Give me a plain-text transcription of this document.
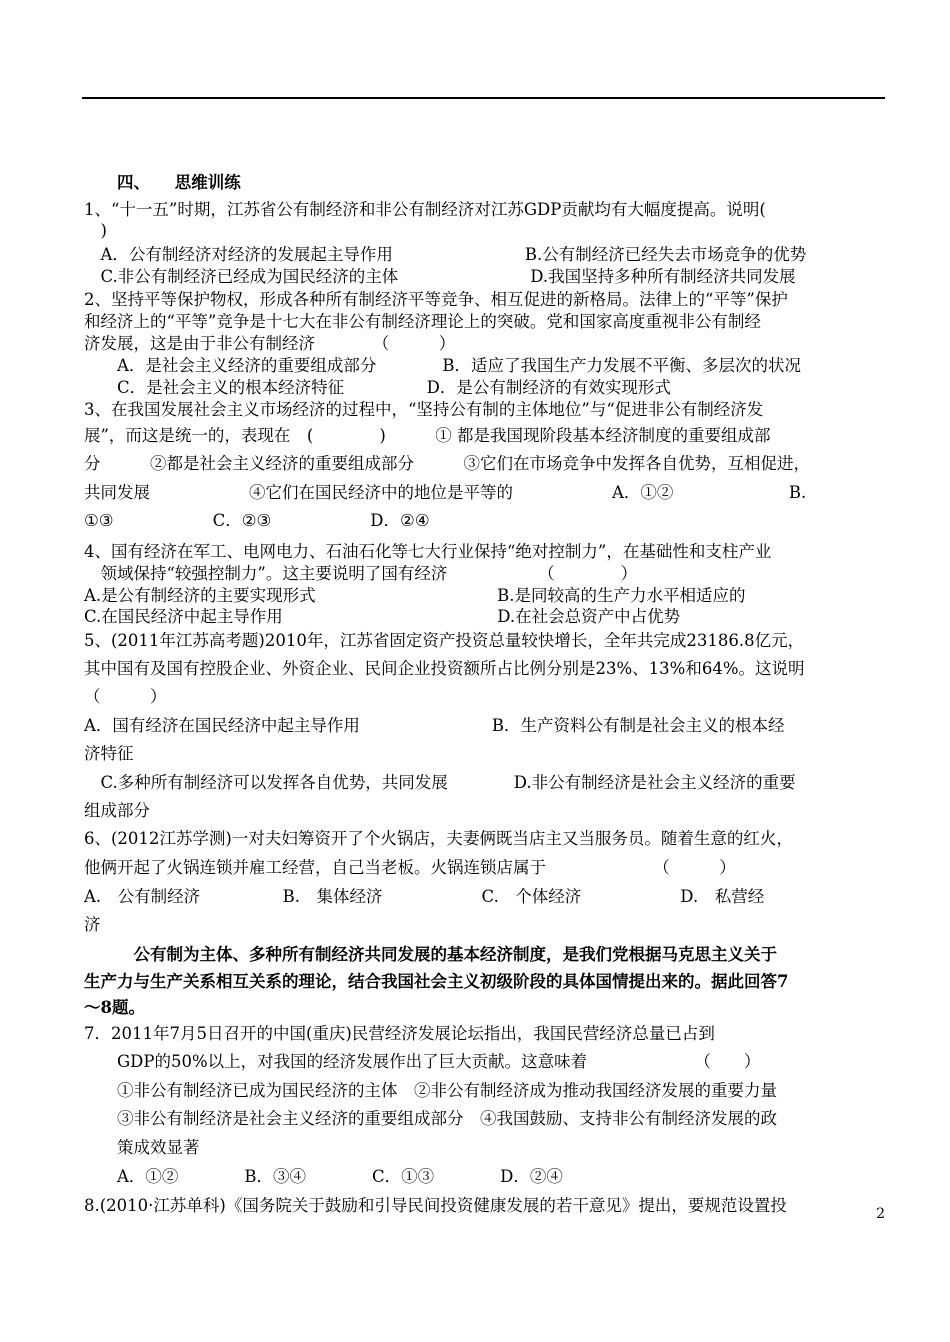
　　四、　　思维训练
1、“十一五”时期，江苏省公有制经济和非公有制经济对江苏GDP贡献均有大幅度提高。说明(
　)
　A．公有制经济对经济的发展起主导作用　　　　　　　　B.公有制经济已经失去市场竞争的优势
　C.非公有制经济已经成为国民经济的主体　　　　　　　　D.我国坚持多种所有制经济共同发展
2、坚持平等保护物权，形成各种所有制经济平等竞争、相互促进的新格局。法律上的“平等”保护
和经济上的“平等”竞争是十七大在非公有制经济理论上的突破。党和国家高度重视非公有制经
济发展，这是由于非公有制经济　　　　（　　　）
　　A．是社会主义经济的重要组成部分　　　　B．适应了我国生产力发展不平衡、多层次的状况
　　C．是社会主义的根本经济特征　　　　　D．是公有制经济的有效实现形式
3、在我国发展社会主义市场经济的过程中，“坚持公有制的主体地位”与“促进非公有制经济发
展”，而这是统一的，表现在　(　　　　)　　　① 都是我国现阶段基本经济制度的重要组成部
分　　　②都是社会主义经济的重要组成部分　　　③它们在市场竞争中发挥各自优势，互相促进，
共同发展　　　　　　④它们在国民经济中的地位是平等的　　　　　　A．①②　　　　　　　B.
①③　　　　　　C．②③　　　　　　D．②④
4、国有经济在军工、电网电力、石油石化等七大行业保持“绝对控制力”，在基础性和支柱产业
　领域保持“较强控制力”。这主要说明了国有经济　　　　　　（　　　　）
A.是公有制经济的主要实现形式　　　　　　　　　　　B.是同较高的生产力水平相适应的
C.在国民经济中起主导作用　　　　　　　　　　　　　D.在社会总资产中占优势
5、(2011年江苏高考题)2010年，江苏省固定资产投资总量较快增长，全年共完成23186.8亿元，
其中国有及国有控股企业、外资企业、民间企业投资额所占比例分别是23%、13%和64%。这说明
（　　　）
A．国有经济在国民经济中起主导作用　　　　　　　　B．生产资料公有制是社会主义的根本经
济特征
　C.多种所有制经济可以发挥各自优势，共同发展　　　　D.非公有制经济是社会主义经济的重要
组成部分
6、(2012江苏学测)一对夫妇筹资开了个火锅店，夫妻俩既当店主又当服务员。随着生意的红火，
他俩开起了火锅连锁并雇工经营，自己当老板。火锅连锁店属于　　　　　　　（　　　）
A.　公有制经济　　　　　B.　集体经济　　　　　　C.　个体经济　　　　　　D.　私营经
济
　　　公有制为主体、多种所有制经济共同发展的基本经济制度，是我们党根据马克思主义关于
生产力与生产关系相互关系的理论，结合我国社会主义初级阶段的具体国情提出来的。据此回答7
～8题。
7．2011年7月5日召开的中国(重庆)民营经济发展论坛指出，我国民营经济总量已占到
　　GDP的50%以上，对我国的经济发展作出了巨大贡献。这意味着　　　　　　　（　　）
　　①非公有制经济已成为国民经济的主体　②非公有制经济成为推动我国经济发展的重要力量
　　③非公有制经济是社会主义经济的重要组成部分　④我国鼓励、支持非公有制经济发展的政
　　策成效显著
　　A．①②　　　　B．③④　　　　C．①③　　　　D．②④
8.(2010·江苏单科)《国务院关于鼓励和引导民间投资健康发展的若干意见》提出，要规范设置投	2
